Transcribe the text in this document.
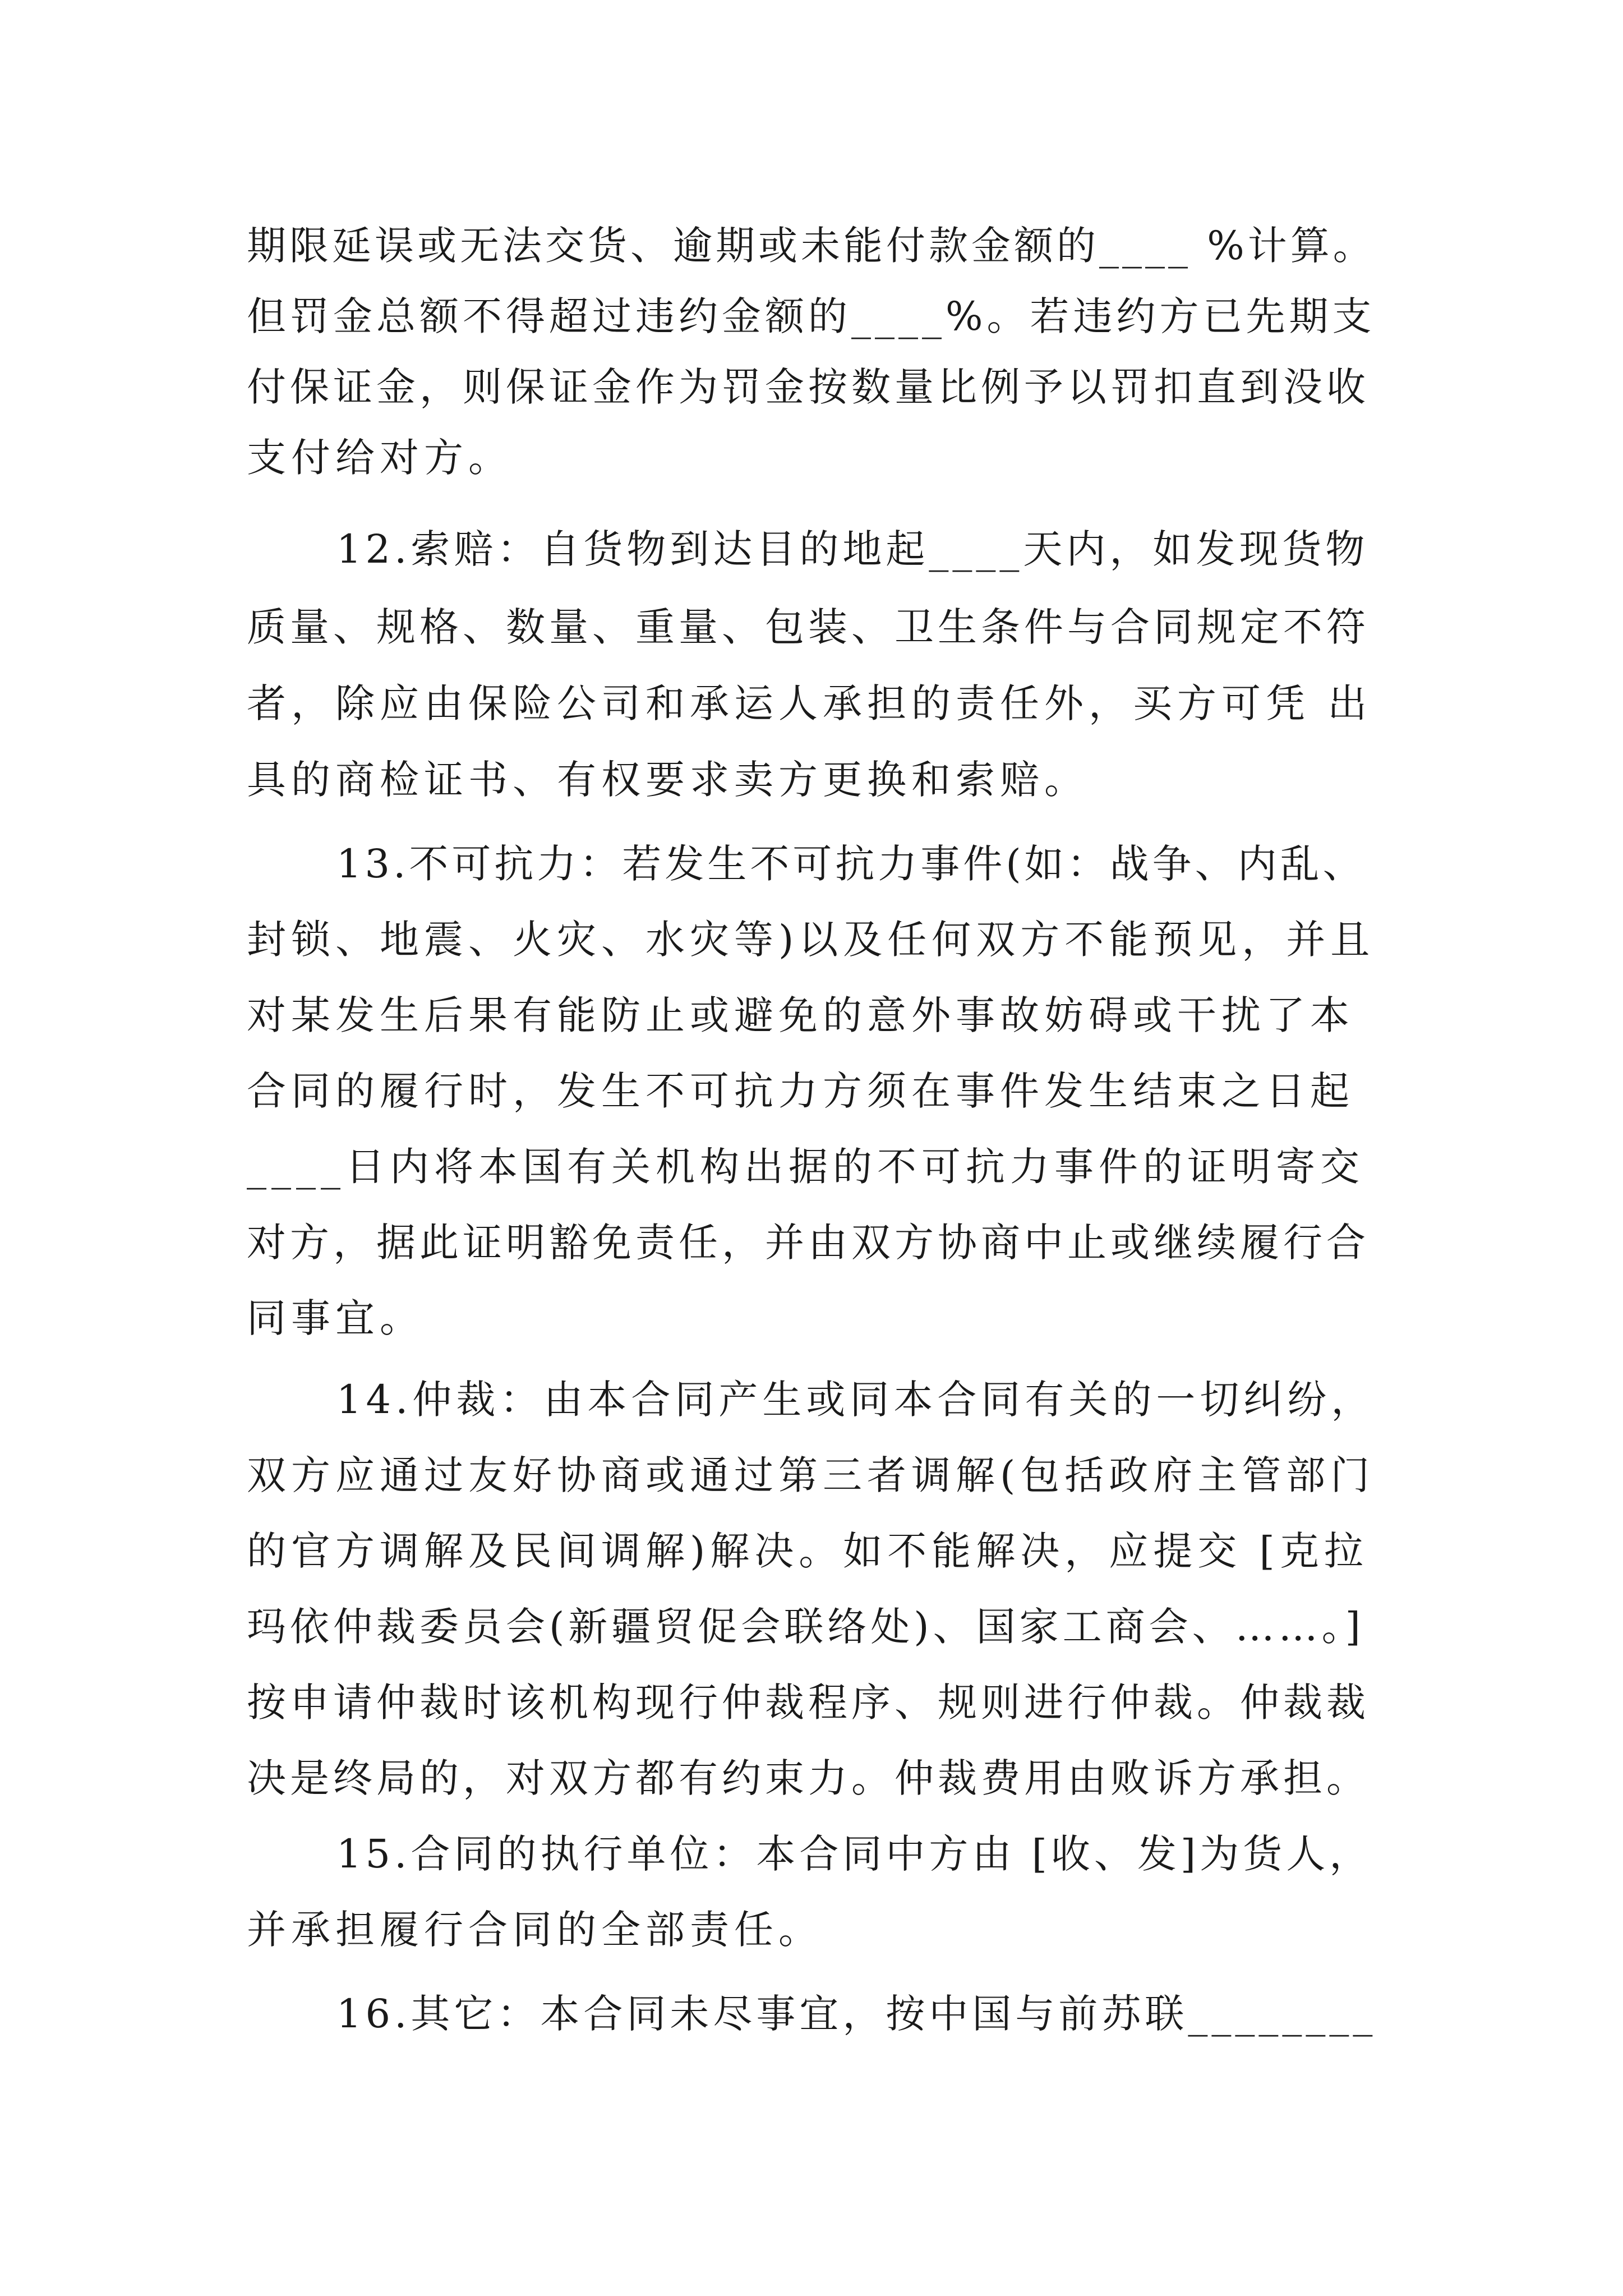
期限延误或无法交货、逾期或未能付款金额的____ %计算。
但罚金总额不得超过违约金额的____%。若违约方已先期支
付保证金，则保证金作为罚金按数量比例予以罚扣直到没收
支付给对方。
12.索赔：自货物到达目的地起____天内，如发现货物
质量、规格、数量、重量、包装、卫生条件与合同规定不符
者，除应由保险公司和承运人承担的责任外，买方可凭 出
具的商检证书、有权要求卖方更换和索赔。
13.不可抗力：若发生不可抗力事件(如：战争、内乱、
封锁、地震、火灾、水灾等)以及任何双方不能预见，并且
对某发生后果有能防止或避免的意外事故妨碍或干扰了本
合同的履行时，发生不可抗力方须在事件发生结束之日起
____日内将本国有关机构出据的不可抗力事件的证明寄交
对方，据此证明豁免责任，并由双方协商中止或继续履行合
同事宜。
14.仲裁：由本合同产生或同本合同有关的一切纠纷，
双方应通过友好协商或通过第三者调解(包括政府主管部门
的官方调解及民间调解)解决。如不能解决，应提交 [克拉
玛依仲裁委员会(新疆贸促会联络处)、国家工商会、……。]
按申请仲裁时该机构现行仲裁程序、规则进行仲裁。仲裁裁
决是终局的，对双方都有约束力。仲裁费用由败诉方承担。
15.合同的执行单位：本合同中方由 [收、发]为货人，
并承担履行合同的全部责任。
16.其它：本合同未尽事宜，按中国与前苏联________
